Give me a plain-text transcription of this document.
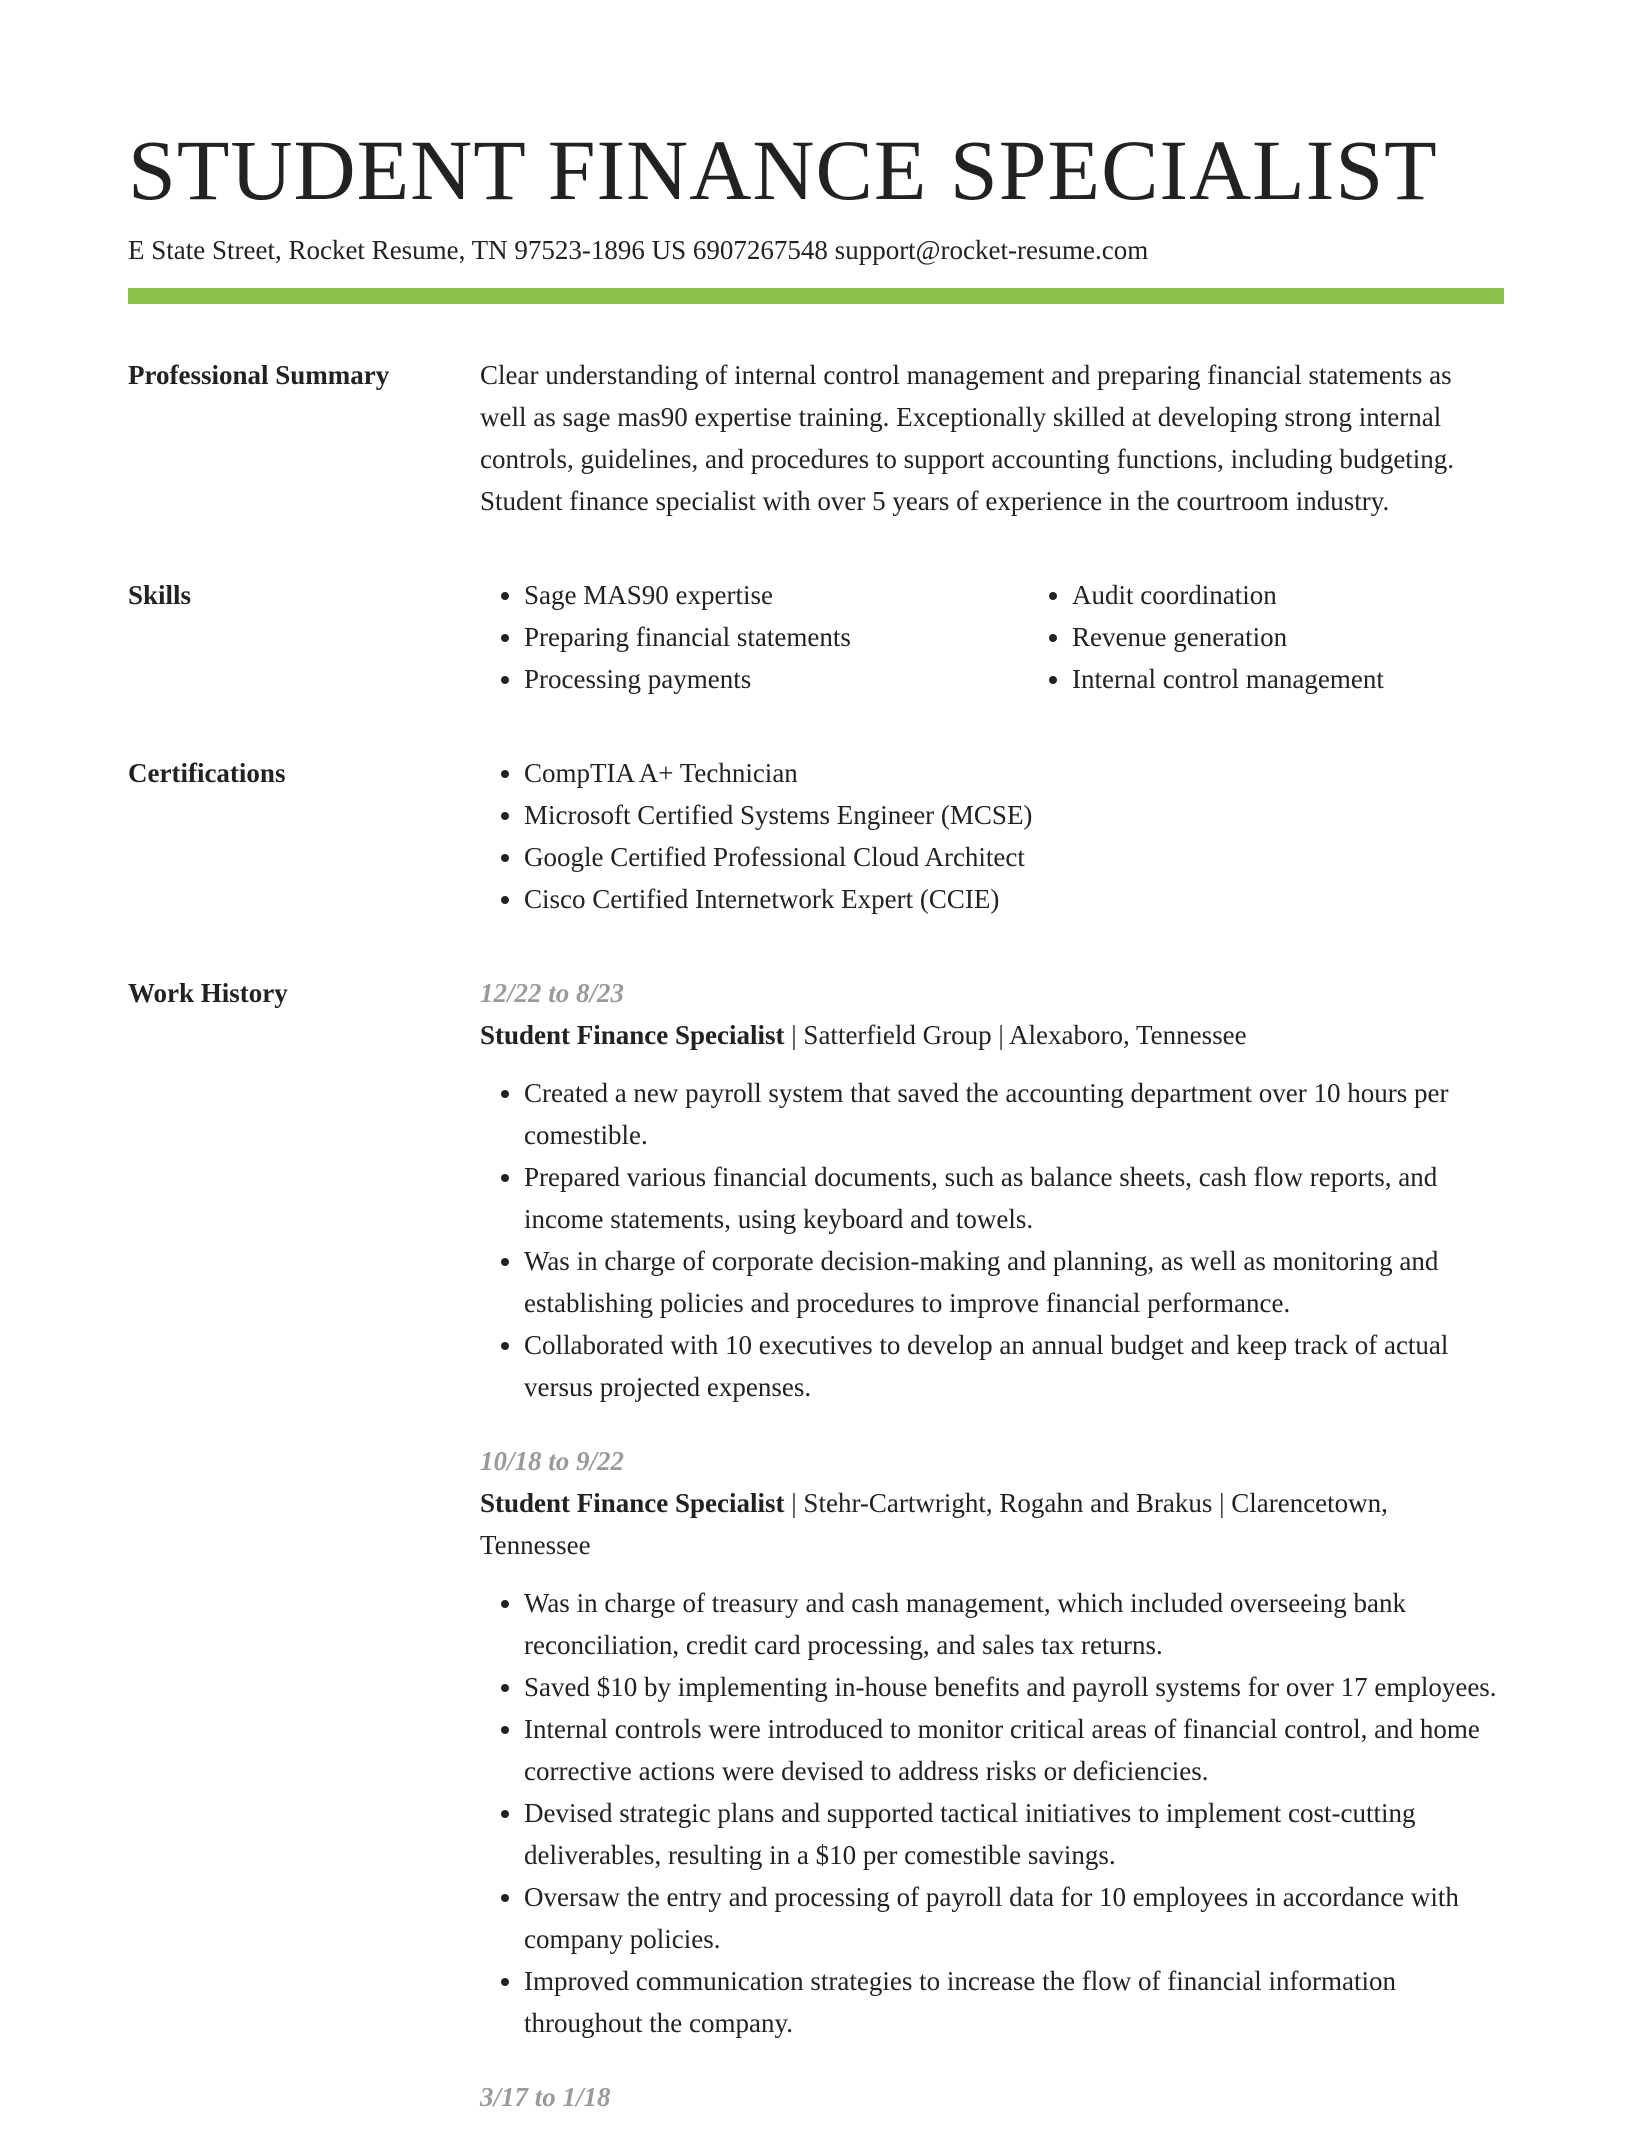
STUDENT FINANCE SPECIALIST
E State Street, Rocket Resume, TN 97523-1896 US 6907267548 support@rocket-resume.com
Professional Summary	Clear understanding of internal control management and preparing financial statements as well as sage mas90 expertise training. Exceptionally skilled at developing strong internal controls, guidelines, and procedures to support accounting functions, including budgeting. Student finance specialist with over 5 years of experience in the courtroom industry.

Skills	• Sage MAS90 expertise
• Preparing financial statements
• Processing payments
• Audit coordination
• Revenue generation
• Internal control management
Certifications	• CompTIA A+ Technician
• Microsoft Certified Systems Engineer (MCSE)
• Google Certified Professional Cloud Architect
• Cisco Certified Internetwork Expert (CCIE)
Work History	12/22 to 8/23
Student Finance Specialist | Satterfield Group | Alexaboro, Tennessee
• Created a new payroll system that saved the accounting department over 10 hours per comestible.
• Prepared various financial documents, such as balance sheets, cash flow reports, and income statements, using keyboard and towels.
• Was in charge of corporate decision-making and planning, as well as monitoring and establishing policies and procedures to improve financial performance.
• Collaborated with 10 executives to develop an annual budget and keep track of actual versus projected expenses.
10/18 to 9/22
Student Finance Specialist | Stehr-Cartwright, Rogahn and Brakus | Clarencetown, Tennessee
• Was in charge of treasury and cash management, which included overseeing bank reconciliation, credit card processing, and sales tax returns.
• Saved $10 by implementing in-house benefits and payroll systems for over 17 employees.
• Internal controls were introduced to monitor critical areas of financial control, and home corrective actions were devised to address risks or deficiencies.
• Devised strategic plans and supported tactical initiatives to implement cost-cutting deliverables, resulting in a $10 per comestible savings.
• Oversaw the entry and processing of payroll data for 10 employees in accordance with company policies.
• Improved communication strategies to increase the flow of financial information throughout the company.
3/17 to 1/18
